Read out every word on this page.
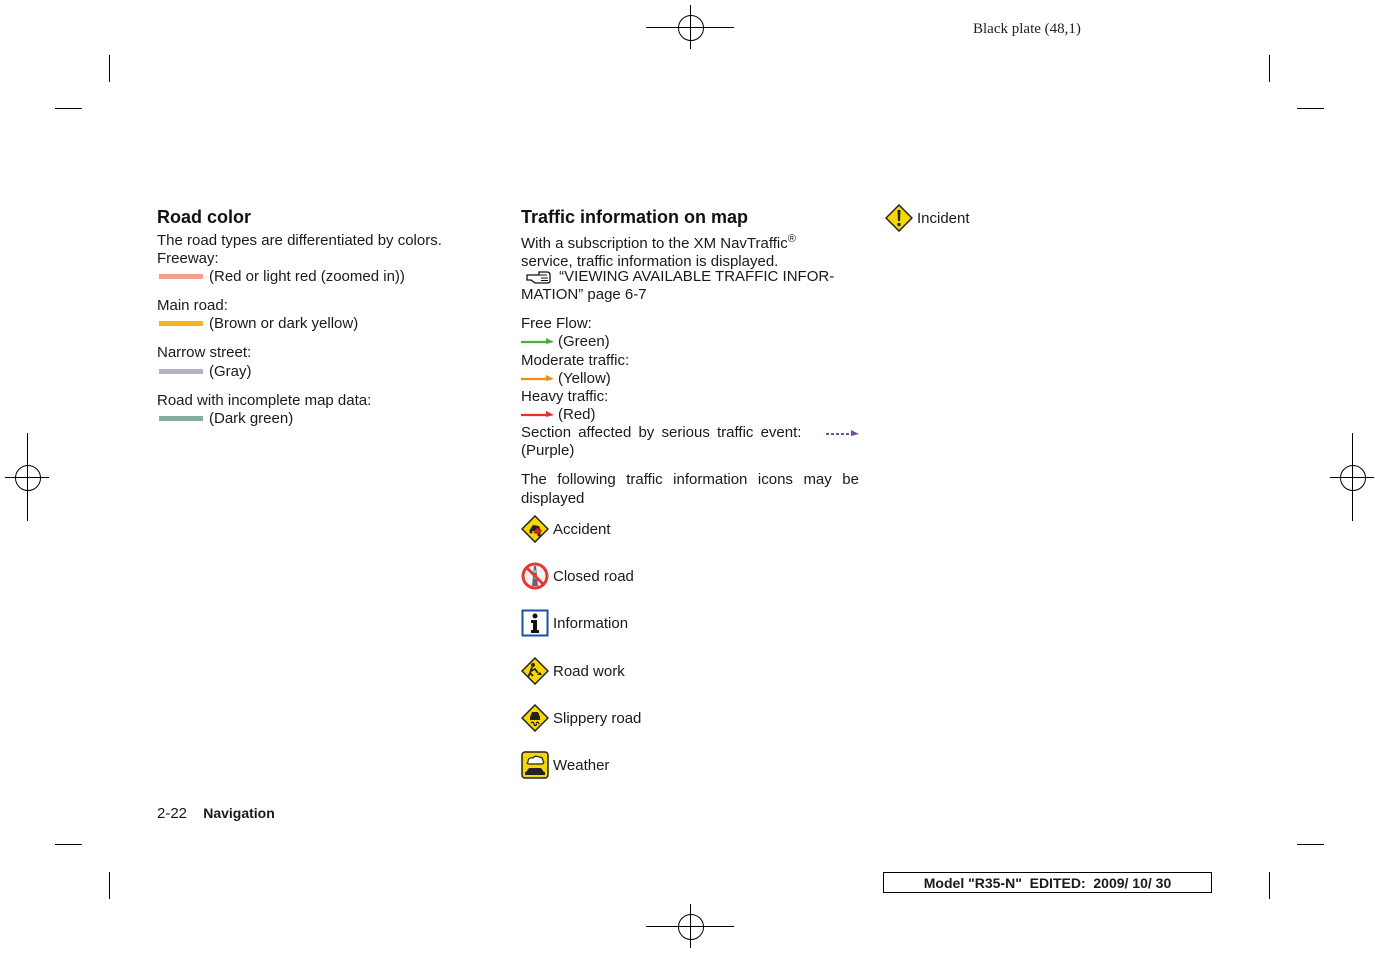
Black plate (48,1)
Road color
The road types are differentiated by colors.
Freeway:
(Red or light red (zoomed in))
Main road:
(Brown or dark yellow)
Narrow street:
(Gray)
Road with incomplete map data:
(Dark green)
Traffic information on map
With a subscription to the XM NavTraffic®
service, traffic information is displayed.
“VIEWING AVAILABLE TRAFFIC INFOR-
MATION” page 6-7
Free Flow:
(Green)
Moderate traffic:
(Yellow)
Heavy traffic:
(Red)
Section affected by serious traffic event:
(Purple)
The following traffic information icons may be
displayed
Accident
Closed road
Information
Road work
Slippery road
Weather
Incident
2-22 Navigation
Model "R35-N"  EDITED:  2009/ 10/ 30
